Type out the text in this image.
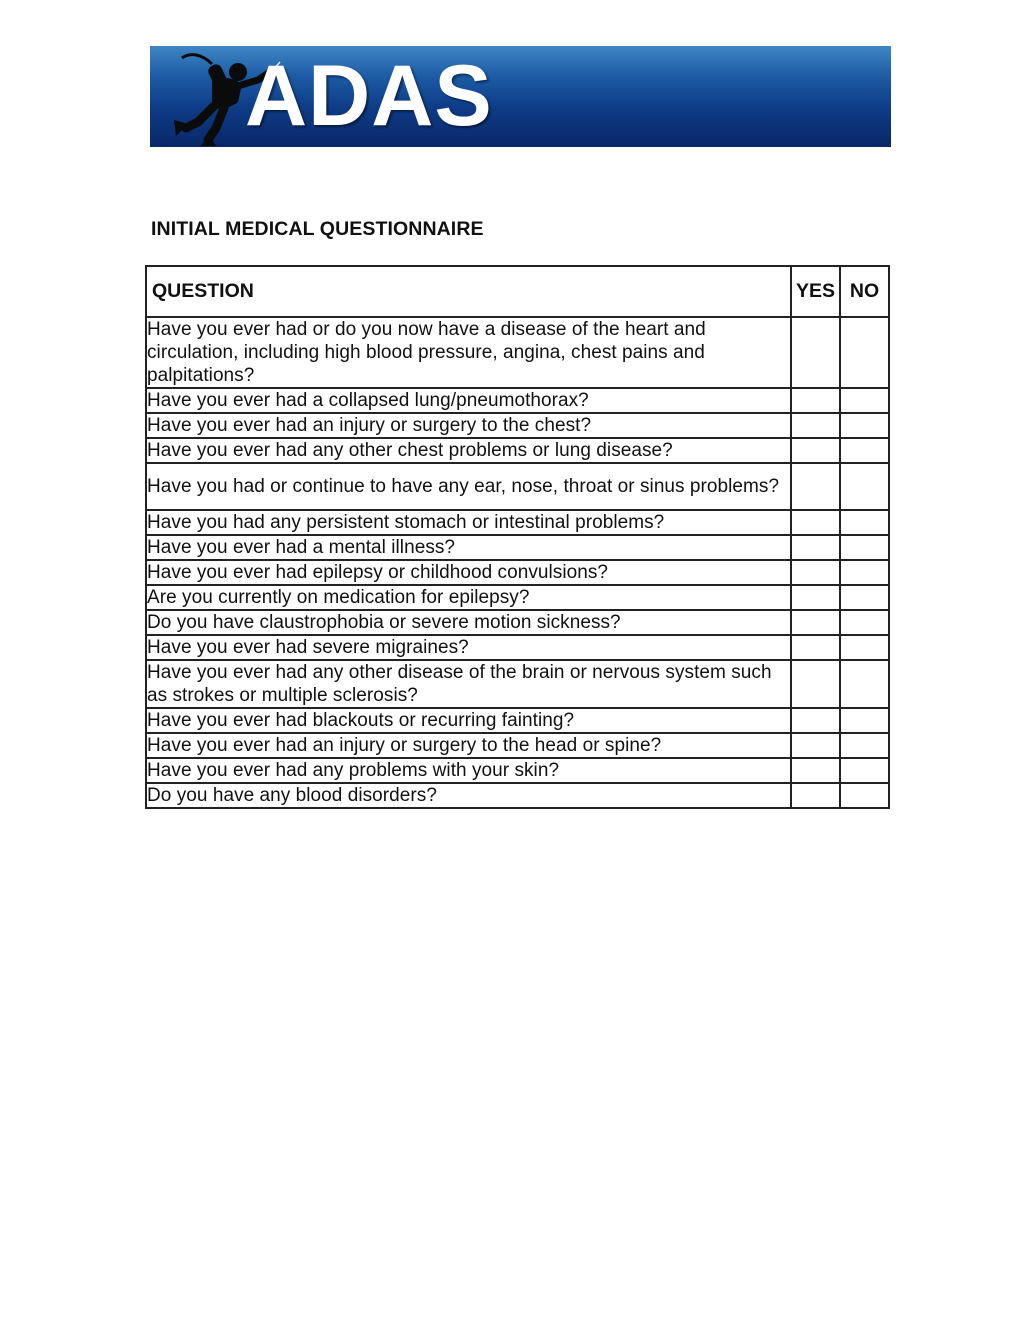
ADAS
INITIAL MEDICAL QUESTIONNAIRE
QUESTION	YES	NO
Have you ever had or do you now have a disease of the heart and circulation, including high blood pressure, angina, chest pains and palpitations?		
Have you ever had a collapsed lung/pneumothorax?		
Have you ever had an injury or surgery to the chest?		
Have you ever had any other chest problems or lung disease?		
Have you had or continue to have any ear, nose, throat or sinus problems?		
Have you had any persistent stomach or intestinal problems?		
Have you ever had a mental illness?		
Have you ever had epilepsy or childhood convulsions?		
Are you currently on medication for epilepsy?		
Do you have claustrophobia or severe motion sickness?		
Have you ever had severe migraines?		
Have you ever had any other disease of the brain or nervous system such as strokes or multiple sclerosis?		
Have you ever had blackouts or recurring fainting?		
Have you ever had an injury or surgery to the head or spine?		
Have you ever had any problems with your skin?		
Do you have any blood disorders?		
